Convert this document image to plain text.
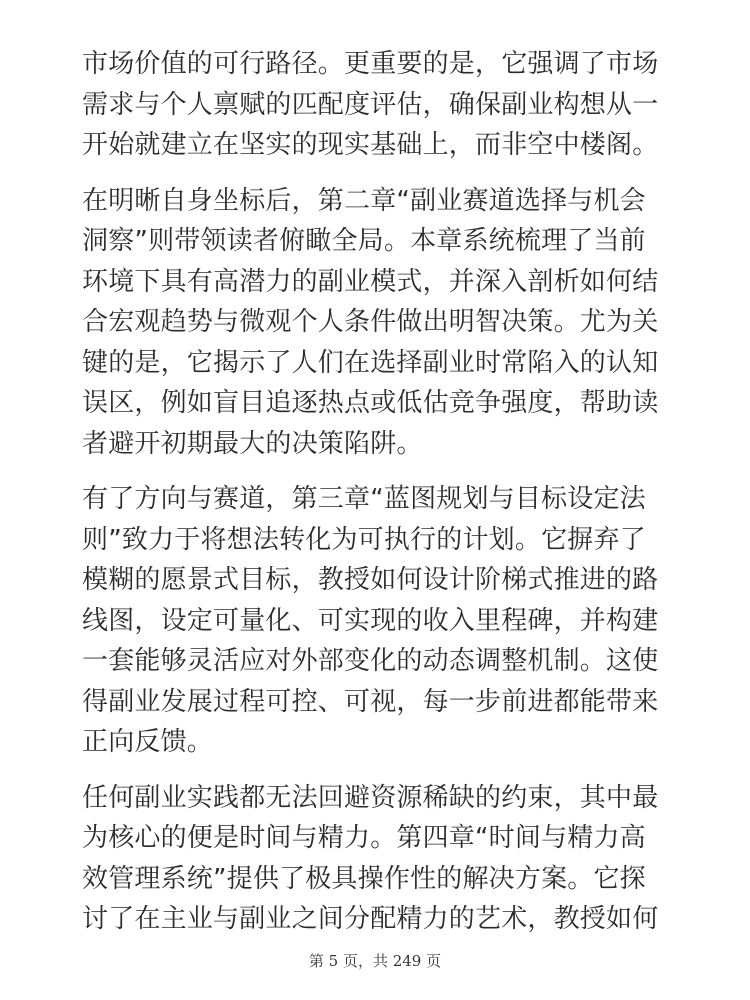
市场价值的可行路径。更重要的是，它强调了市场
需求与个人禀赋的匹配度评估，确保副业构想从一
开始就建立在坚实的现实基础上，而非空中楼阁。
在明晰自身坐标后，第二章“副业赛道选择与机会
洞察”则带领读者俯瞰全局。本章系统梳理了当前
环境下具有高潜力的副业模式，并深入剖析如何结
合宏观趋势与微观个人条件做出明智决策。尤为关
键的是，它揭示了人们在选择副业时常陷入的认知
误区，例如盲目追逐热点或低估竞争强度，帮助读
者避开初期最大的决策陷阱。
有了方向与赛道，第三章“蓝图规划与目标设定法
则”致力于将想法转化为可执行的计划。它摒弃了
模糊的愿景式目标，教授如何设计阶梯式推进的路
线图，设定可量化、可实现的收入里程碑，并构建
一套能够灵活应对外部变化的动态调整机制。这使
得副业发展过程可控、可视，每一步前进都能带来
正向反馈。
任何副业实践都无法回避资源稀缺的约束，其中最
为核心的便是时间与精力。第四章“时间与精力高
效管理系统”提供了极具操作性的解决方案。它探
讨了在主业与副业之间分配精力的艺术，教授如何
第 5 页，共 249 页
